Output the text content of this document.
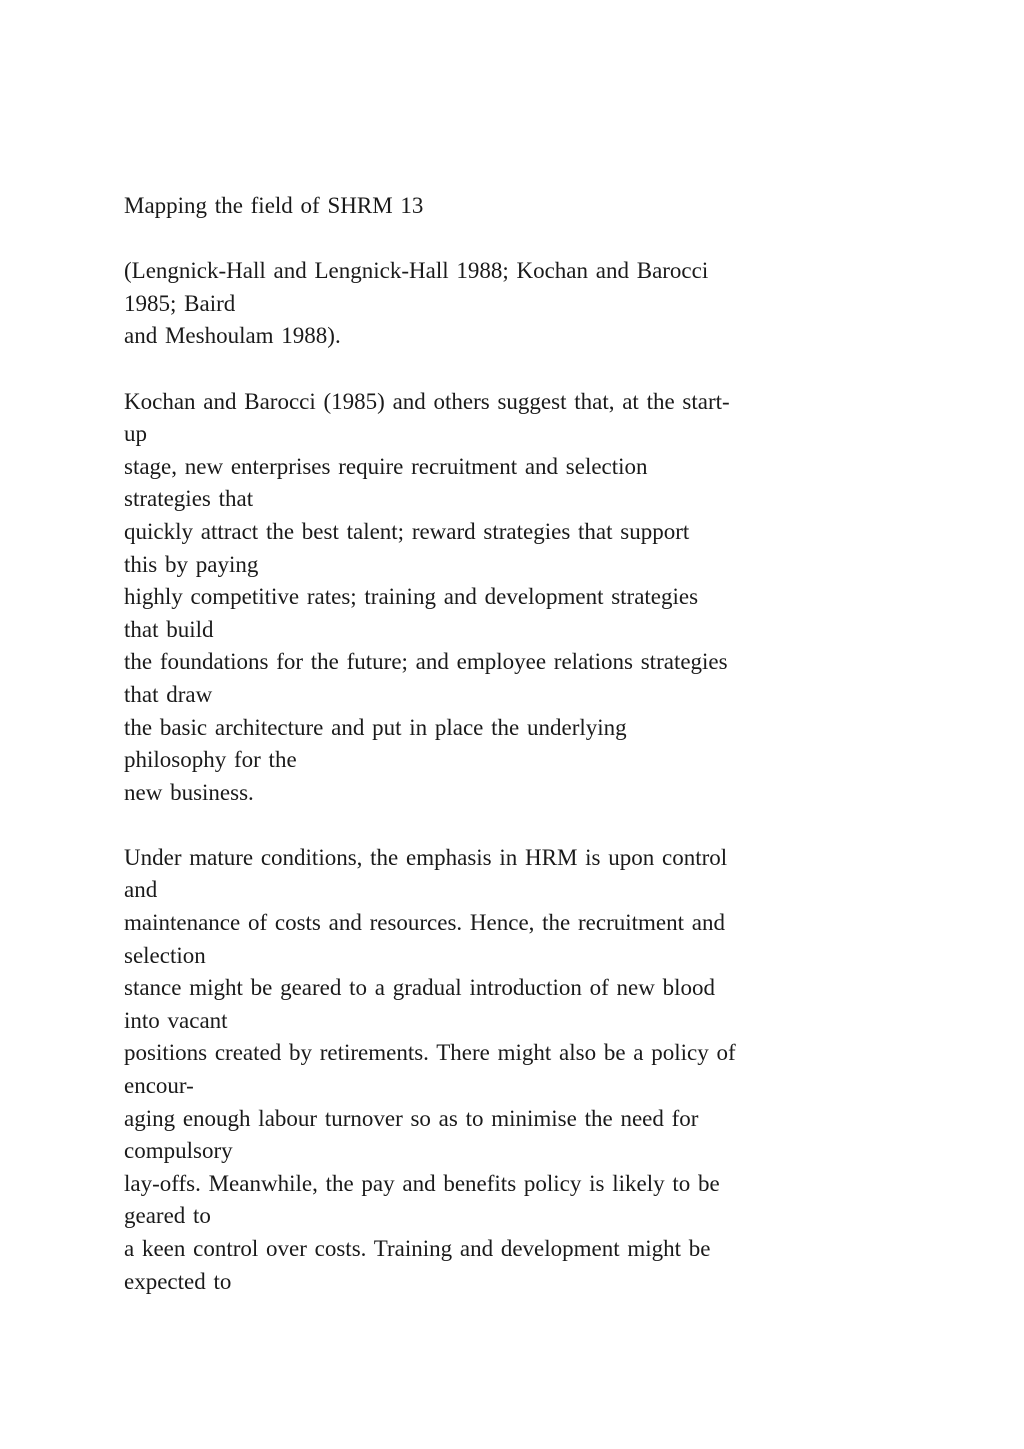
Mapping the field of SHRM 13
(Lengnick-Hall and Lengnick-Hall 1988; Kochan and Barocci
1985; Baird
and Meshoulam 1988).
Kochan and Barocci (1985) and others suggest that, at the start-
up
stage, new enterprises require recruitment and selection
strategies that
quickly attract the best talent; reward strategies that support
this by paying
highly competitive rates; training and development strategies
that build
the foundations for the future; and employee relations strategies
that draw
the basic architecture and put in place the underlying
philosophy for the
new business.
Under mature conditions, the emphasis in HRM is upon control
and
maintenance of costs and resources. Hence, the recruitment and
selection
stance might be geared to a gradual introduction of new blood
into vacant
positions created by retirements. There might also be a policy of
encour-
aging enough labour turnover so as to minimise the need for
compulsory
lay-offs. Meanwhile, the pay and benefits policy is likely to be
geared to
a keen control over costs. Training and development might be
expected to
